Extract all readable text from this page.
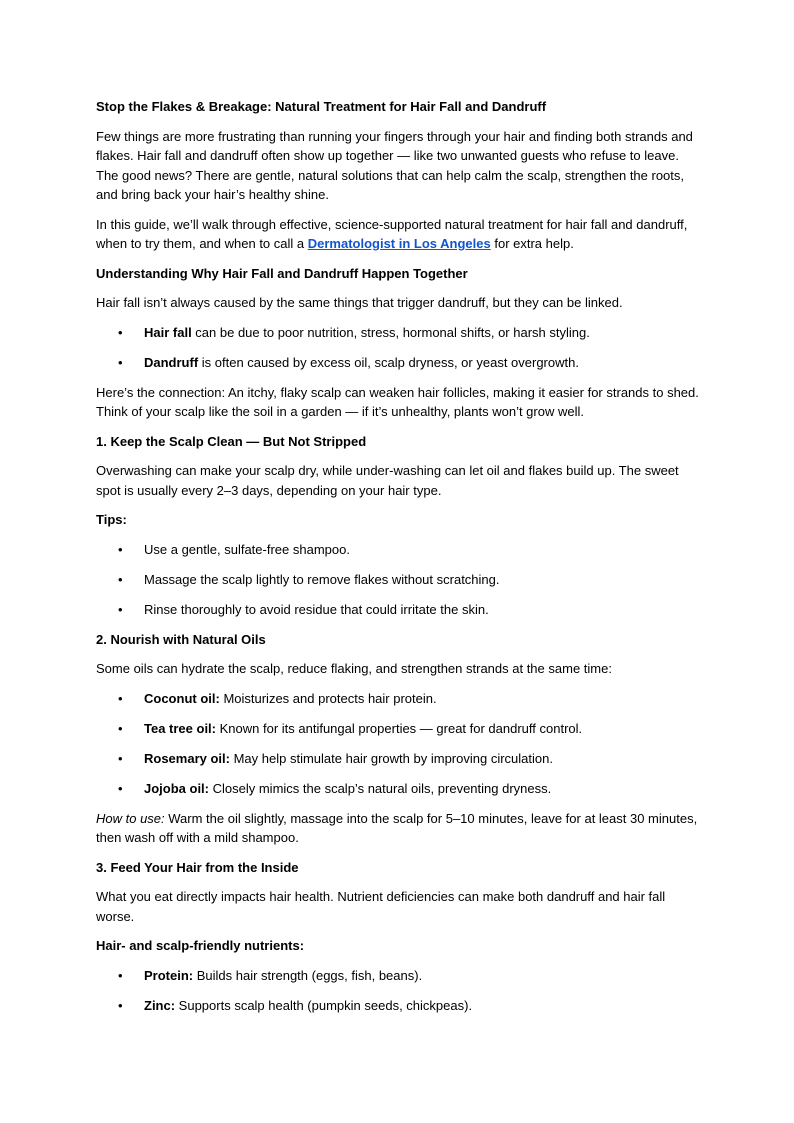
Stop the Flakes & Breakage: Natural Treatment for Hair Fall and Dandruff

Few things are more frustrating than running your fingers through your hair and finding both strands and flakes. Hair fall and dandruff often show up together — like two unwanted guests who refuse to leave. The good news? There are gentle, natural solutions that can help calm the scalp, strengthen the roots, and bring back your hair’s healthy shine.

In this guide, we’ll walk through effective, science-supported natural treatment for hair fall and dandruff, when to try them, and when to call a Dermatologist in Los Angeles for extra help.

Understanding Why Hair Fall and Dandruff Happen Together

Hair fall isn’t always caused by the same things that trigger dandruff, but they can be linked.

• Hair fall can be due to poor nutrition, stress, hormonal shifts, or harsh styling.
• Dandruff is often caused by excess oil, scalp dryness, or yeast overgrowth.

Here’s the connection: An itchy, flaky scalp can weaken hair follicles, making it easier for strands to shed. Think of your scalp like the soil in a garden — if it’s unhealthy, plants won’t grow well.

1. Keep the Scalp Clean — But Not Stripped

Overwashing can make your scalp dry, while under-washing can let oil and flakes build up. The sweet spot is usually every 2–3 days, depending on your hair type.

Tips:

• Use a gentle, sulfate-free shampoo.
• Massage the scalp lightly to remove flakes without scratching.
• Rinse thoroughly to avoid residue that could irritate the skin.

2. Nourish with Natural Oils

Some oils can hydrate the scalp, reduce flaking, and strengthen strands at the same time:

• Coconut oil: Moisturizes and protects hair protein.
• Tea tree oil: Known for its antifungal properties — great for dandruff control.
• Rosemary oil: May help stimulate hair growth by improving circulation.
• Jojoba oil: Closely mimics the scalp’s natural oils, preventing dryness.

How to use: Warm the oil slightly, massage into the scalp for 5–10 minutes, leave for at least 30 minutes, then wash off with a mild shampoo.

3. Feed Your Hair from the Inside

What you eat directly impacts hair health. Nutrient deficiencies can make both dandruff and hair fall worse.

Hair- and scalp-friendly nutrients:

• Protein: Builds hair strength (eggs, fish, beans).
• Zinc: Supports scalp health (pumpkin seeds, chickpeas).
